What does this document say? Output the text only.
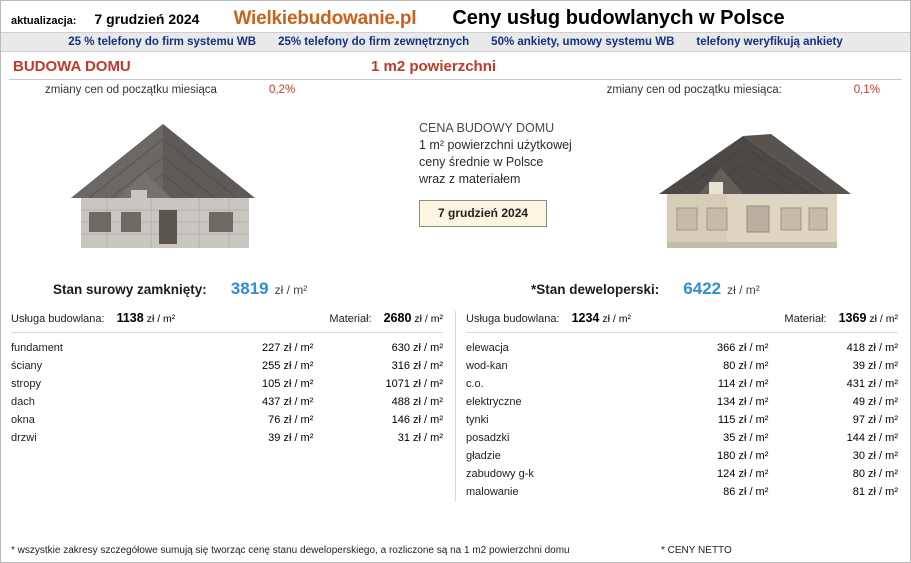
aktualizacja: 7 grudzień 2024 Wielkiebudowanie.pl Ceny usług budowlanych w Polsce
25 % telefony do firm systemu WB 25% telefony do firm zewnętrznych 50% ankiety, umowy systemu WB telefony weryfikują ankiety
BUDOWA DOMU	1 m2 powierzchni
zmiany cen od początku miesiąca	0,2%	zmiany cen od początku miesiąca:	0,1%
CENA BUDOWY DOMU
1 m² powierzchni użytkowej
ceny średnie w Polsce
wraz z materiałem
7 grudzień 2024
Stan surowy zamknięty: 3819 zł / m²	*Stan deweloperski: 6422 zł / m²
Usługa budowlana: 1138 zł / m²	Materiał: 2680 zł / m²
fundament	227 zł / m²	630 zł / m²
ściany	255 zł / m²	316 zł / m²
stropy	105 zł / m²	1071 zł / m²
dach	437 zł / m²	488 zł / m²
okna	76 zł / m²	146 zł / m²
drzwi	39 zł / m²	31 zł / m²
Usługa budowlana: 1234 zł / m²	Materiał: 1369 zł / m²
elewacja	366 zł / m²	418 zł / m²
wod-kan	80 zł / m²	39 zł / m²
c.o.	114 zł / m²	431 zł / m²
elektryczne	134 zł / m²	49 zł / m²
tynki	115 zł / m²	97 zł / m²
posadzki	35 zł / m²	144 zł / m²
gładzie	180 zł / m²	30 zł / m²
zabudowy g-k	124 zł / m²	80 zł / m²
malowanie	86 zł / m²	81 zł / m²
* wszystkie zakresy szczegółowe sumują się tworząc cenę stanu deweloperskiego, a rozliczone są na 1 m2 powierzchni domu	* CENY NETTO
